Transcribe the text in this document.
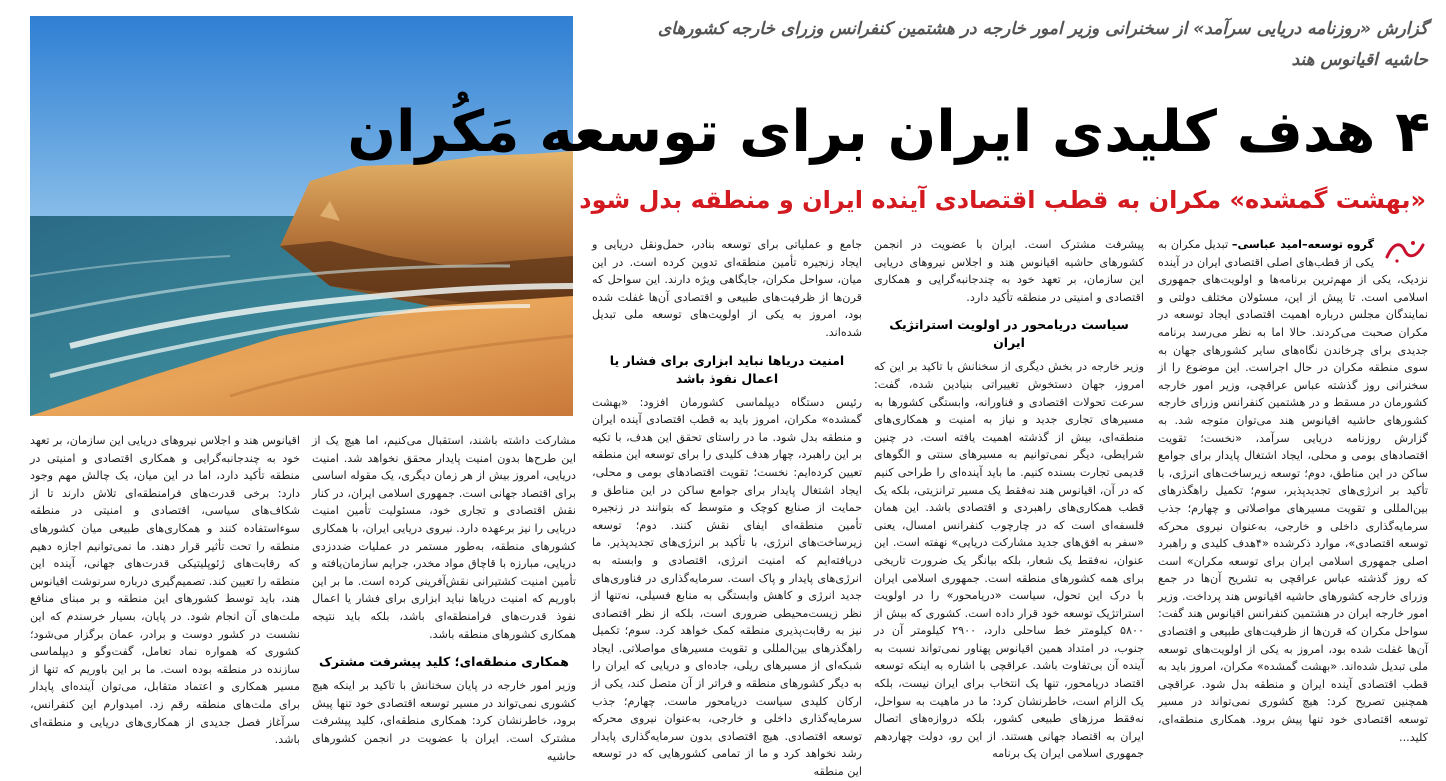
گزارش «روزنامه دریایی سرآمد» از سخنرانی وزیر امور خارجه در هشتمین کنفرانس وزرای خارجه کشورهای حاشیه اقیانوس هند
۴ هدف کلیدی ایران برای توسعه مَکُران
«بهشت گمشده» مکران به قطب اقتصادی آینده ایران و منطقه بدل شود

گروه توسعه–امید عباسی– تبدیل مکران به یکی از قطب‌های اصلی اقتصادی ایران در آینده نزدیک، یکی از مهم‌ترین برنامه‌ها و اولویت‌های جمهوری اسلامی است. تا پیش از این، مسئولان مختلف دولتی و نمایندگان مجلس درباره اهمیت اقتصادی ایجاد توسعه در مکران صحبت می‌کردند. حالا اما به نظر می‌رسد برنامه جدیدی برای چرخاندن نگاه‌های سایر کشورهای جهان به سوی منطقه مکران در حال اجراست. این موضوع را از سخنرانی روز گذشته عباس عراقچی، وزیر امور خارجه کشورمان در مسقط و در هشتمین کنفرانس وزرای خارجه کشورهای حاشیه اقیانوس هند می‌توان متوجه شد. به گزارش روزنامه دریایی سرآمد، «نخست؛ تقویت اقتصادهای بومی و محلی، ایجاد اشتغال پایدار برای جوامع ساکن در این مناطق، دوم؛ توسعه زیرساخت‌های انرژی، با تأکید بر انرژی‌های تجدیدپذیر، سوم؛ تکمیل راهگذرهای بین‌المللی و تقویت مسیرهای مواصلاتی و چهارم؛ جذب سرمایه‌گذاری داخلی و خارجی، به‌عنوان نیروی محرکه توسعه اقتصادی»، موارد ذکرشده «۴هدف کلیدی و راهبرد اصلی جمهوری اسلامی ایران برای توسعه مکران» است که روز گذشته عباس عراقچی به تشریح آن‌ها در جمع وزرای خارجه کشورهای حاشیه اقیانوس هند پرداخت. وزیر امور خارجه ایران در هشتمین کنفرانس اقیانوس هند گفت: سواحل مکران که قرن‌ها از ظرفیت‌های طبیعی و اقتصادی آن‌ها غفلت شده بود، امروز به یکی از اولویت‌های توسعه ملی تبدیل شده‌اند. «بهشت گمشده» مکران، امروز باید به قطب اقتصادی آینده ایران و منطقه بدل شود. عراقچی همچنین تصریح کرد: هیچ کشوری نمی‌تواند در مسیر توسعه اقتصادی خود تنها پیش برود. همکاری منطقه‌ای، کلید...

پیشرفت مشترک است. ایران با عضویت در انجمن کشورهای حاشیه اقیانوس هند و اجلاس نیروهای دریایی این سازمان، بر تعهد خود به چندجانبه‌گرایی و همکاری اقتصادی و امنیتی در منطقه تأکید دارد.

سیاست دریامحور در اولویت استراتژیک ایران

وزیر خارجه در بخش دیگری از سخنانش با تاکید بر این که امروز، جهان دستخوش تغییراتی بنیادین شده، گفت: سرعت تحولات اقتصادی و فناورانه، وابستگی کشورها به مسیرهای تجاری جدید و نیاز به امنیت و همکاری‌های منطقه‌ای، بیش از گذشته اهمیت یافته است. در چنین شرایطی، دیگر نمی‌توانیم به مسیرهای سنتی و الگوهای قدیمی تجارت بسنده کنیم. ما باید آینده‌ای را طراحی کنیم که در آن، اقیانوس هند نه‌فقط یک مسیر ترانزیتی، بلکه یک قطب همکاری‌های راهبردی و اقتصادی باشد. این همان فلسفه‌ای است که در چارچوب کنفرانس امسال، یعنی «سفر به افق‌های جدید مشارکت دریایی» نهفته است. این عنوان، نه‌فقط یک شعار، بلکه بیانگر یک ضرورت تاریخی برای همه کشورهای منطقه است. جمهوری اسلامی ایران با درک این تحول، سیاست «دریامحور» را در اولویت استراتژیک توسعه خود قرار داده است. کشوری که بیش از ۵۸۰۰ کیلومتر خط ساحلی دارد، ۲۹۰۰ کیلومتر آن در جنوب، در امتداد همین اقیانوس پهناور نمی‌تواند نسبت به آینده آن بی‌تفاوت باشد. عراقچی با اشاره به اینکه توسعه اقتصاد دریامحور، تنها یک انتخاب برای ایران نیست، بلکه یک الزام است، خاطرنشان کرد: ما در ماهیت به سواحل، نه‌فقط مرزهای طبیعی کشور، بلکه دروازه‌های اتصال ایران به اقتصاد جهانی هستند. از این رو، دولت چهاردهم جمهوری اسلامی ایران یک برنامه

جامع و عملیاتی برای توسعه بنادر، حمل‌ونقل دریایی و ایجاد زنجیره تأمین منطقه‌ای تدوین کرده است. در این میان، سواحل مکران، جایگاهی ویژه دارند. این سواحل که قرن‌ها از ظرفیت‌های طبیعی و اقتصادی آن‌ها غفلت شده بود، امروز به یکی از اولویت‌های توسعه ملی تبدیل شده‌اند.

امنیت دریاها نباید ابزاری برای فشار یا اعمال نفوذ باشد

رئیس دستگاه دیپلماسی کشورمان افزود: «بهشت گمشده» مکران، امروز باید به قطب اقتصادی آینده ایران و منطقه بدل شود. ما در راستای تحقق این هدف، با تکیه بر این راهبرد، چهار هدف کلیدی را برای توسعه این منطقه تعیین کرده‌ایم: نخست؛ تقویت اقتصادهای بومی و محلی، ایجاد اشتغال پایدار برای جوامع ساکن در این مناطق و حمایت از صنایع کوچک و متوسط که بتوانند در زنجیره تأمین منطقه‌ای ایفای نقش کنند. دوم؛ توسعه زیرساخت‌های انرژی، با تأکید بر انرژی‌های تجدیدپذیر. ما دریافته‌ایم که امنیت انرژی، اقتصادی و وابسته به انرژی‌های پایدار و پاک است. سرمایه‌گذاری در فناوری‌های جدید انرژی و کاهش وابستگی به منابع فسیلی، نه‌تنها از نظر زیست‌محیطی ضروری است، بلکه از نظر اقتصادی نیز به رقابت‌پذیری منطقه کمک خواهد کرد. سوم؛ تکمیل راهگذرهای بین‌المللی و تقویت مسیرهای مواصلاتی. ایجاد شبکه‌ای از مسیرهای ریلی، جاده‌ای و دریایی که ایران را به دیگر کشورهای منطقه و فراتر از آن متصل کند، یکی از ارکان کلیدی سیاست دریامحور ماست. چهارم؛ جذب سرمایه‌گذاری داخلی و خارجی، به‌عنوان نیروی محرکه توسعه اقتصادی. هیچ اقتصادی بدون سرمایه‌گذاری پایدار رشد نخواهد کرد و ما از تمامی کشورهایی که در توسعه این منطقه

مشارکت داشته باشند، استقبال می‌کنیم، اما هیچ یک از این طرح‌ها بدون امنیت پایدار محقق نخواهد شد. امنیت دریایی، امروز بیش از هر زمان دیگری، یک مقوله اساسی برای اقتصاد جهانی است. جمهوری اسلامی ایران، در کنار نقش اقتصادی و تجاری خود، مسئولیت تأمین امنیت دریایی را نیز برعهده دارد. نیروی دریایی ایران، با همکاری کشورهای منطقه، به‌طور مستمر در عملیات ضددزدی دریایی، مبارزه با قاچاق مواد مخدر، جرایم سازمان‌یافته و تأمین امنیت کشتیرانی نقش‌آفرینی کرده است. ما بر این باوریم که امنیت دریاها نباید ابزاری برای فشار یا اعمال نفوذ قدرت‌های فرامنطقه‌ای باشد، بلکه باید نتیجه همکاری کشورهای منطقه باشد.

همکاری منطقه‌ای؛ کلید پیشرفت مشترک

وزیر امور خارجه در پایان سخنانش با تاکید بر اینکه هیچ کشوری نمی‌تواند در مسیر توسعه اقتصادی خود تنها پیش برود، خاطرنشان کرد: همکاری منطقه‌ای، کلید پیشرفت مشترک است. ایران با عضویت در انجمن کشورهای حاشیه

اقیانوس هند و اجلاس نیروهای دریایی این سازمان، بر تعهد خود به چندجانبه‌گرایی و همکاری اقتصادی و امنیتی در منطقه تأکید دارد، اما در این میان، یک چالش مهم وجود دارد: برخی قدرت‌های فرامنطقه‌ای تلاش دارند تا از شکاف‌های سیاسی، اقتصادی و امنیتی در منطقه سوءاستفاده کنند و همکاری‌های طبیعی میان کشورهای منطقه را تحت تأثیر قرار دهند. ما نمی‌توانیم اجازه دهیم که رقابت‌های ژئوپلیتیکی قدرت‌های جهانی، آینده این منطقه را تعیین کند. تصمیم‌گیری درباره سرنوشت اقیانوس هند، باید توسط کشورهای این منطقه و بر مبنای منافع ملت‌های آن انجام شود. در پایان، بسیار خرسندم که این نشست در کشور دوست و برادر، عمان برگزار می‌شود؛ کشوری که همواره نماد تعامل، گفت‌وگو و دیپلماسی سازنده در منطقه بوده است. ما بر این باوریم که تنها از مسیر همکاری و اعتماد متقابل، می‌توان آینده‌ای پایدار برای ملت‌های منطقه رقم زد. امیدوارم این کنفرانس، سرآغاز فصل جدیدی از همکاری‌های دریایی و منطقه‌ای باشد.
